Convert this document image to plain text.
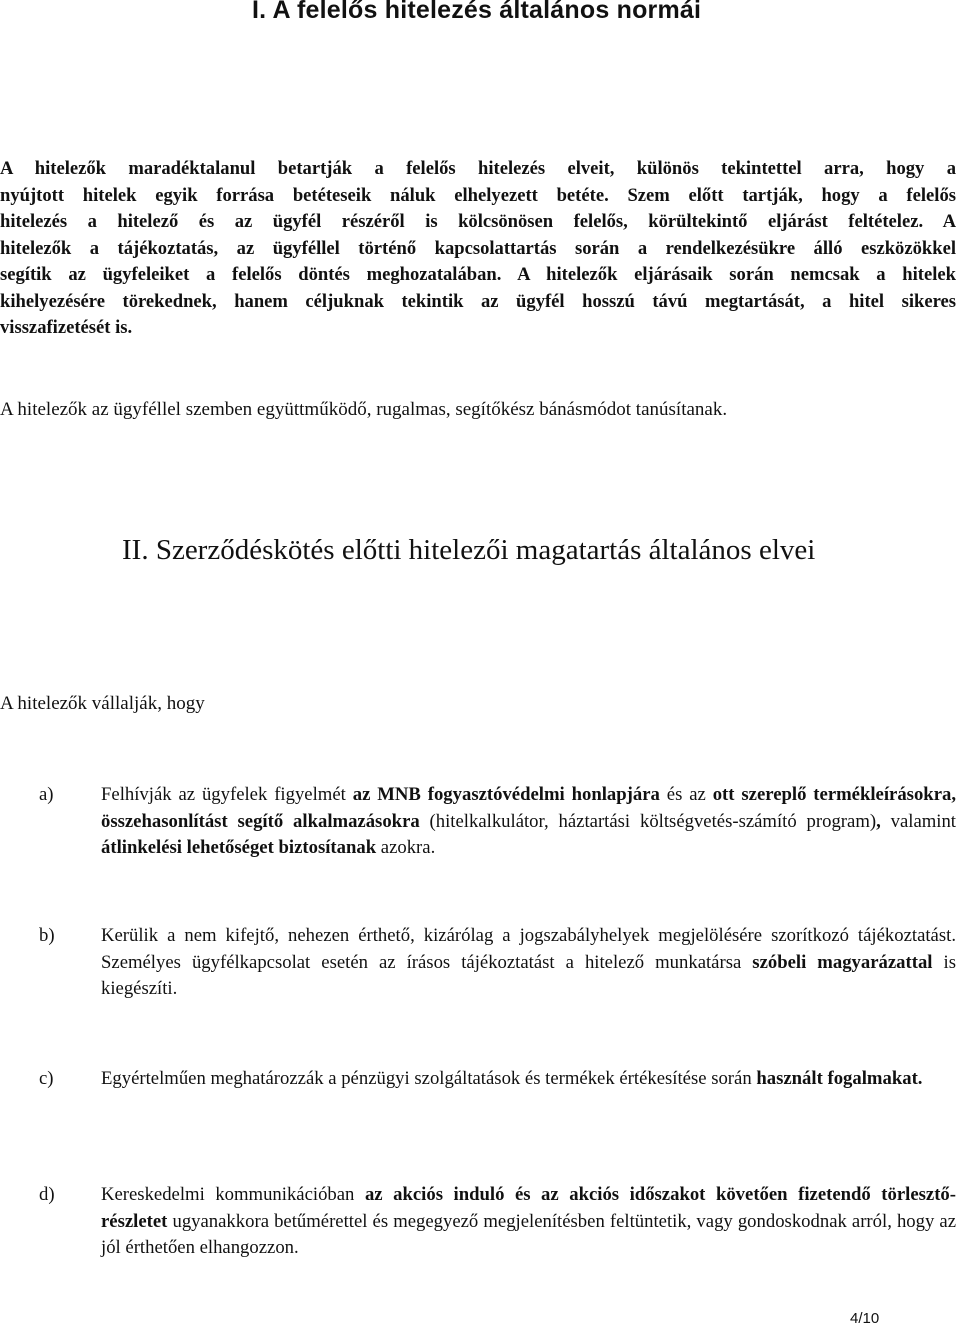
I. A felelős hitelezés általános normái

A hitelezők maradéktalanul betartják a felelős hitelezés elveit, különös tekintettel arra, hogy a
nyújtott hitelek egyik forrása betéteseik náluk elhelyezett betéte. Szem előtt tartják, hogy a felelős
hitelezés a hitelező és az ügyfél részéről is kölcsönösen felelős, körültekintő eljárást feltételez. A
hitelezők a tájékoztatás, az ügyféllel történő kapcsolattartás során a rendelkezésükre álló eszközökkel
segítik az ügyfeleiket a felelős döntés meghozatalában. A hitelezők eljárásaik során nemcsak a hitelek
kihelyezésére törekednek, hanem céljuknak tekintik az ügyfél hosszú távú megtartását, a hitel sikeres
visszafizetését is.

A hitelezők az ügyféllel szemben együttműködő, rugalmas, segítőkész bánásmódot tanúsítanak.

II. Szerződéskötés előtti hitelezői magatartás általános elvei

A hitelezők vállalják, hogy

a)	Felhívják az ügyfelek figyelmét az MNB fogyasztóvédelmi honlapjára és az ott szereplő termékleírásokra, összehasonlítást segítő alkalmazásokra (hitelkalkulátor, háztartási költségvetés-számító program), valamint átlinkelési lehetőséget biztosítanak azokra.

b) Kerülik a nem kifejtő, nehezen érthető, kizárólag a jogszabályhelyek megjelölésére szorítkozó tájékoztatást. Személyes ügyfélkapcsolat esetén az írásos tájékoztatást a hitelező munkatársa szóbeli magyarázattal is kiegészíti.

c)	Egyértelműen meghatározzák a pénzügyi szolgáltatások és termékek értékesítése során használt fogalmakat.

d) Kereskedelmi kommunikációban az akciós induló és az akciós időszakot követően fizetendő törlesztő-részletet ugyanakkora betűmérettel és megegyező megjelenítésben feltüntetik, vagy gondoskodnak arról, hogy az jól érthetően elhangozzon.

4/10
